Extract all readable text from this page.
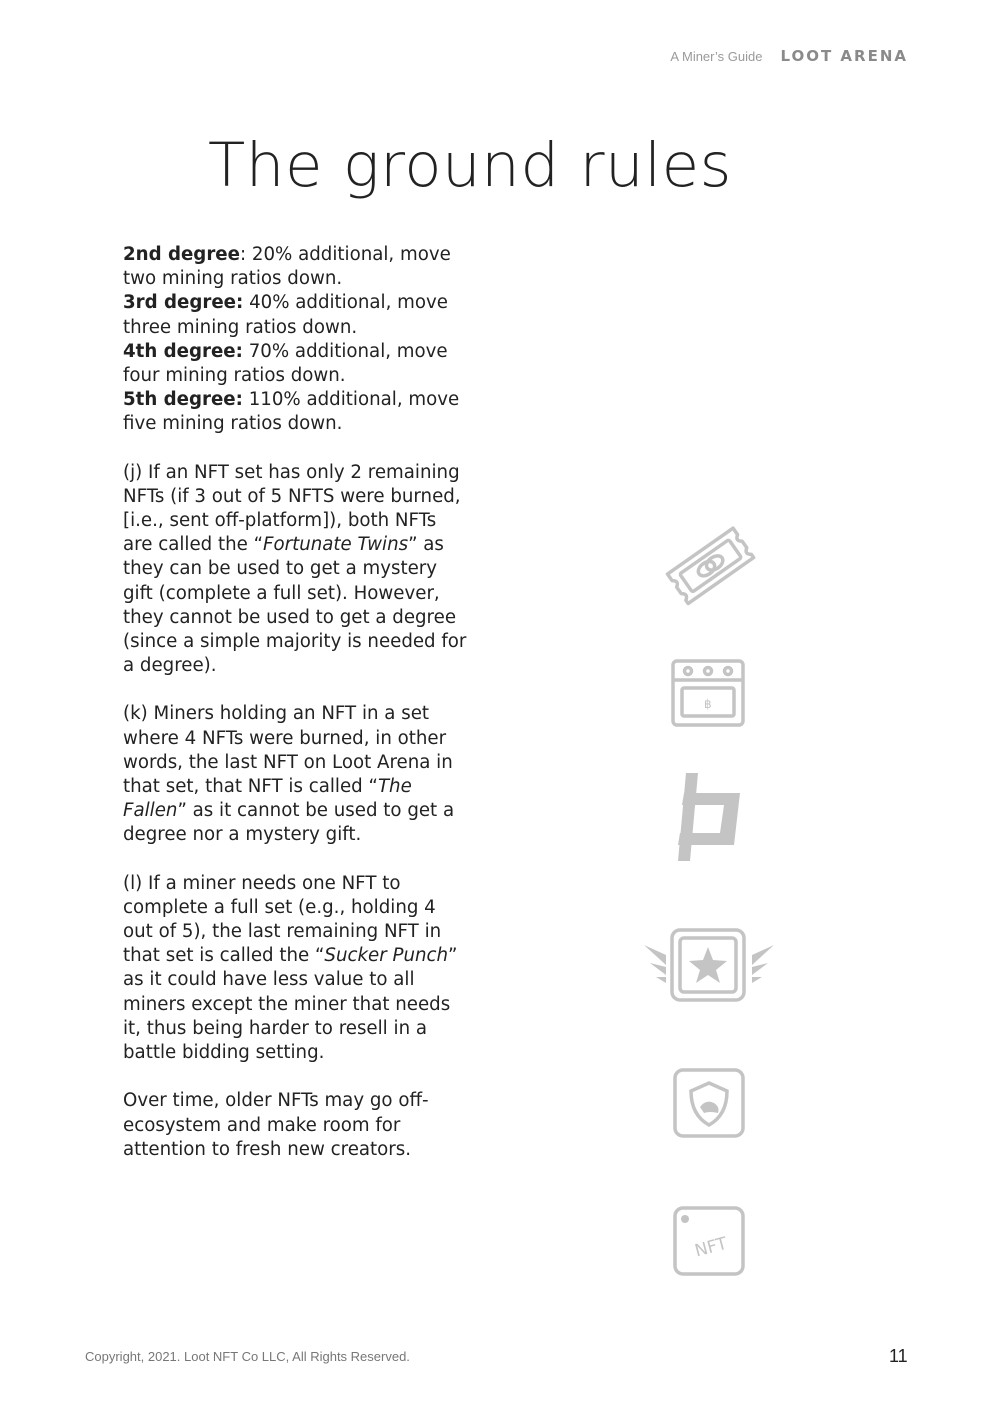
A Miner’s Guide LOOT ARENA
The ground rules

2nd degree: 20% additional, move two mining ratios down.

3rd degree: 40% additional, move three mining ratios down.

4th degree: 70% additional, move four mining ratios down.

5th degree: 110% additional, move five mining ratios down.

(j) If an NFT set has only 2 remaining NFTs (if 3 out of 5 NFTS were burned, [i.e., sent off-platform]), both NFTs are called the “Fortunate Twins” as they can be used to get a mystery gift (complete a full set). However, they cannot be used to get a degree (since a simple majority is needed for a degree).

(k) Miners holding an NFT in a set where 4 NFTs were burned, in other words, the last NFT on Loot Arena in that set, that NFT is called “The Fallen” as it cannot be used to get a degree nor a mystery gift.

(l) If a miner needs one NFT to complete a full set (e.g., holding 4 out of 5), the last remaining NFT in that set is called the “Sucker Punch” as it could have less value to all miners except the miner that needs it, thus being harder to resell in a battle bidding setting.

Over time, older NFTs may go off-ecosystem and make room for attention to fresh new creators.

฿
NFT
Copyright, 2021. Loot NFT Co LLC, All Rights Reserved.	11
